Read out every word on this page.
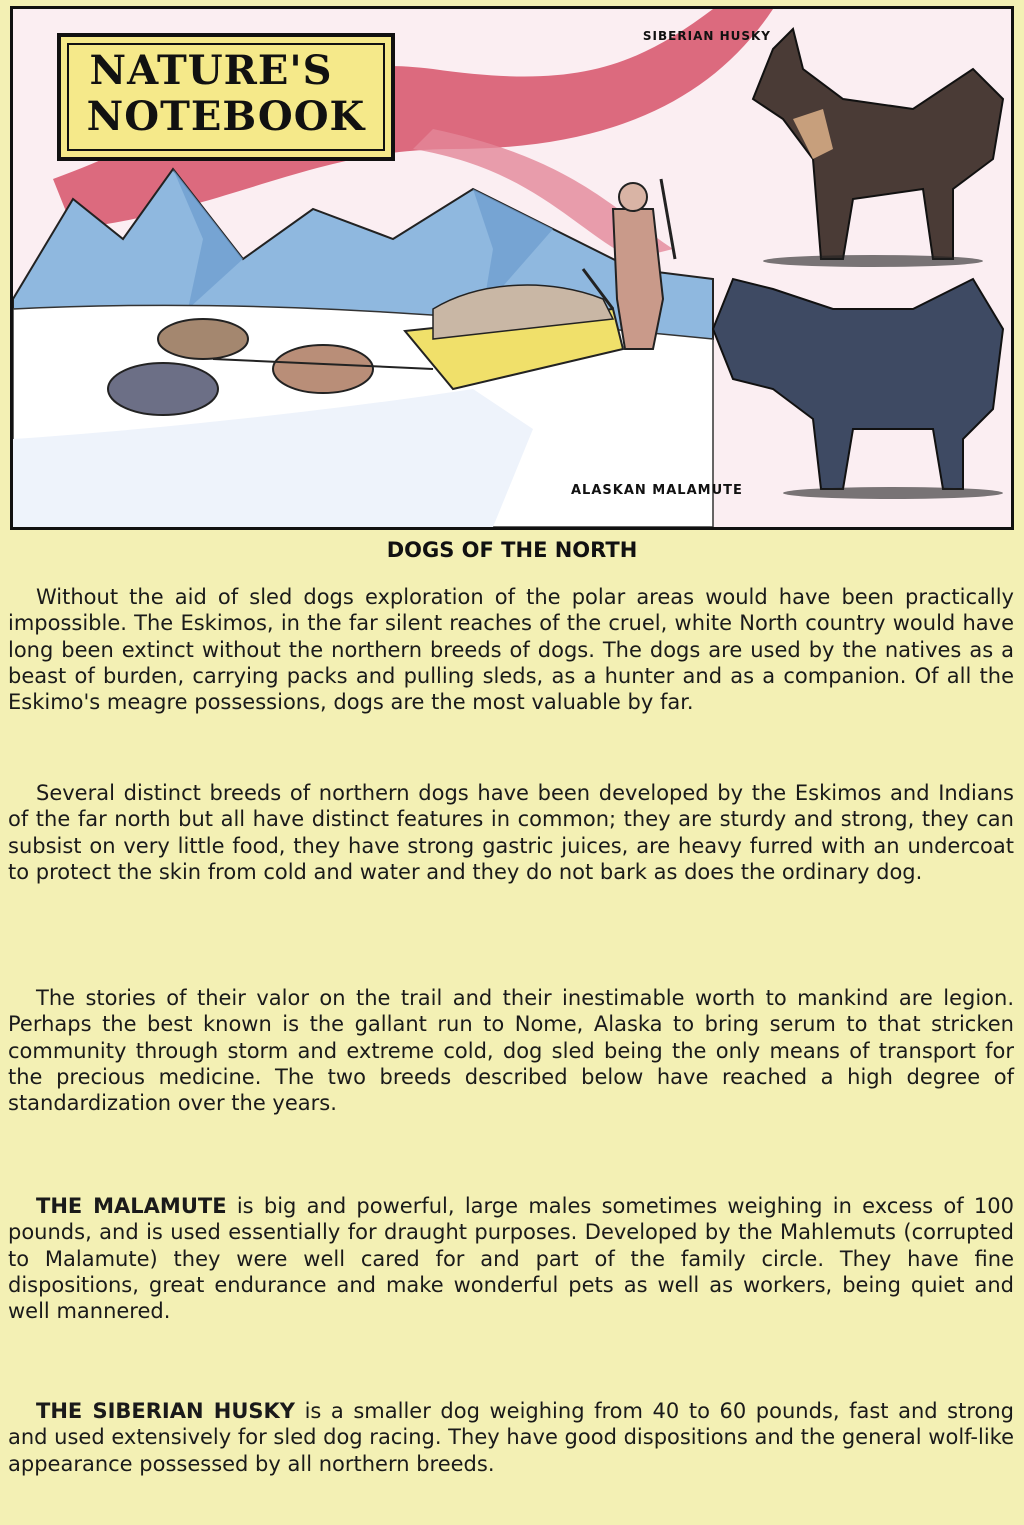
NATURE'S
NOTEBOOK
SIBERIAN HUSKY
ALASKAN MALAMUTE
DOGS OF THE NORTH

Without the aid of sled dogs exploration of the polar areas would have been practically impossible. The Eskimos, in the far silent reaches of the cruel, white North country would have long been extinct without the northern breeds of dogs. The dogs are used by the natives as a beast of burden, carrying packs and pulling sleds, as a hunter and as a companion. Of all the Eskimo's meagre possessions, dogs are the most valuable by far.

Several distinct breeds of northern dogs have been developed by the Eskimos and Indians of the far north but all have distinct features in common; they are sturdy and strong, they can subsist on very little food, they have strong gastric juices, are heavy furred with an undercoat to protect the skin from cold and water and they do not bark as does the ordinary dog.

The stories of their valor on the trail and their inestimable worth to mankind are legion. Perhaps the best known is the gallant run to Nome, Alaska to bring serum to that stricken community through storm and extreme cold, dog sled being the only means of transport for the precious medicine. The two breeds described below have reached a high degree of standardization over the years.

THE MALAMUTE is big and powerful, large males sometimes weighing in excess of 100 pounds, and is used essentially for draught purposes. Developed by the Mahlemuts (corrupted to Malamute) they were well cared for and part of the family circle. They have fine dispositions, great endurance and make wonderful pets as well as workers, being quiet and well mannered.

THE SIBERIAN HUSKY is a smaller dog weighing from 40 to 60 pounds, fast and strong and used extensively for sled dog racing. They have good dispositions and the general wolf-like appearance possessed by all northern breeds.
